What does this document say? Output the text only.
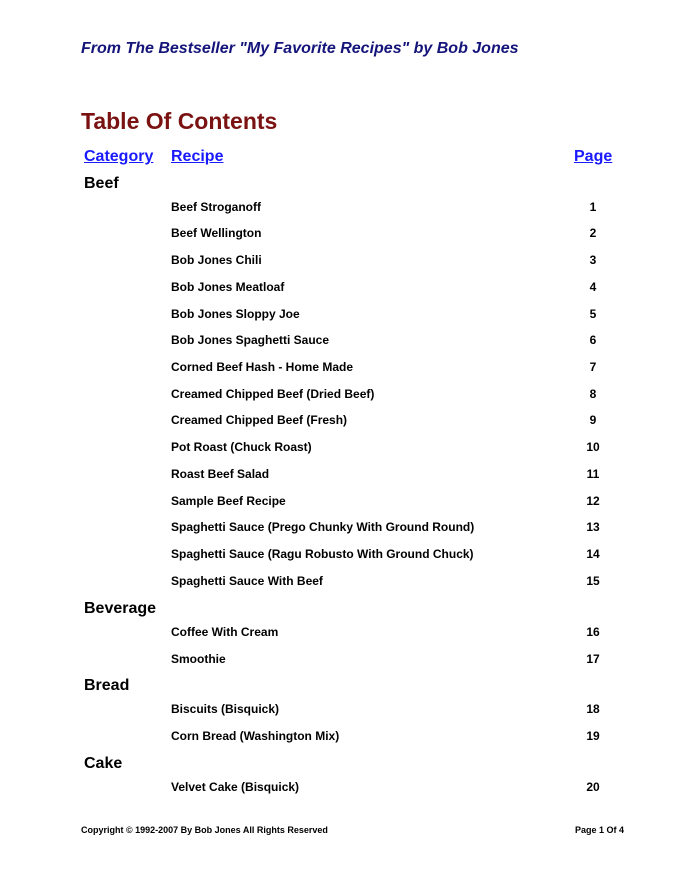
From The Bestseller "My Favorite Recipes" by Bob Jones
Table Of Contents
Category Recipe	Page
Beef
Beef Stroganoff	1
Beef Wellington	2
Bob Jones Chili	3
Bob Jones Meatloaf	4
Bob Jones Sloppy Joe	5
Bob Jones Spaghetti Sauce	6
Corned Beef Hash - Home Made	7
Creamed Chipped Beef (Dried Beef)	8
Creamed Chipped Beef (Fresh)	9
Pot Roast (Chuck Roast)	10
Roast Beef Salad	11
Sample Beef Recipe	12
Spaghetti Sauce (Prego Chunky With Ground Round)	13
Spaghetti Sauce (Ragu Robusto With Ground Chuck)	14
Spaghetti Sauce With Beef	15
Beverage
Coffee With Cream	16
Smoothie	17
Bread
Biscuits (Bisquick)	18
Corn Bread (Washington Mix)	19
Cake
Velvet Cake (Bisquick)	20
Copyright © 1992-2007 By Bob Jones All Rights Reserved	Page 1 Of 4
